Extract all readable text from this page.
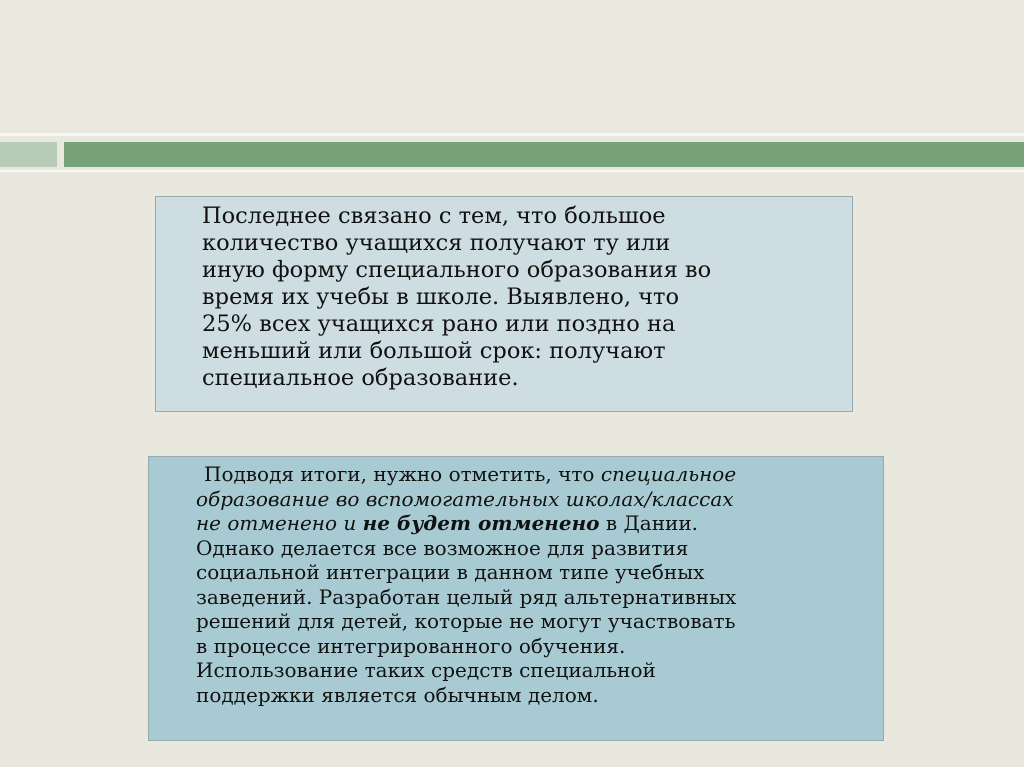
Последнее связано с тем, что большое
количество учащихся получают ту или
иную форму специального образования во
время их учебы в школе. Выявлено, что
25% всех учащихся рано или поздно на
меньший или большой срок: получают
специальное образование.
Подводя итоги, нужно отметить, что специальное
образование во вспомогательных школах/классах
не отменено и не будет отменено в Дании.
Однако делается все возможное для развития
социальной интеграции в данном типе учебных
заведений. Разработан целый ряд альтернативных
решений для детей, которые не могут участвовать
в процессе интегрированного обучения.
Использование таких средств специальной
поддержки является обычным делом.
